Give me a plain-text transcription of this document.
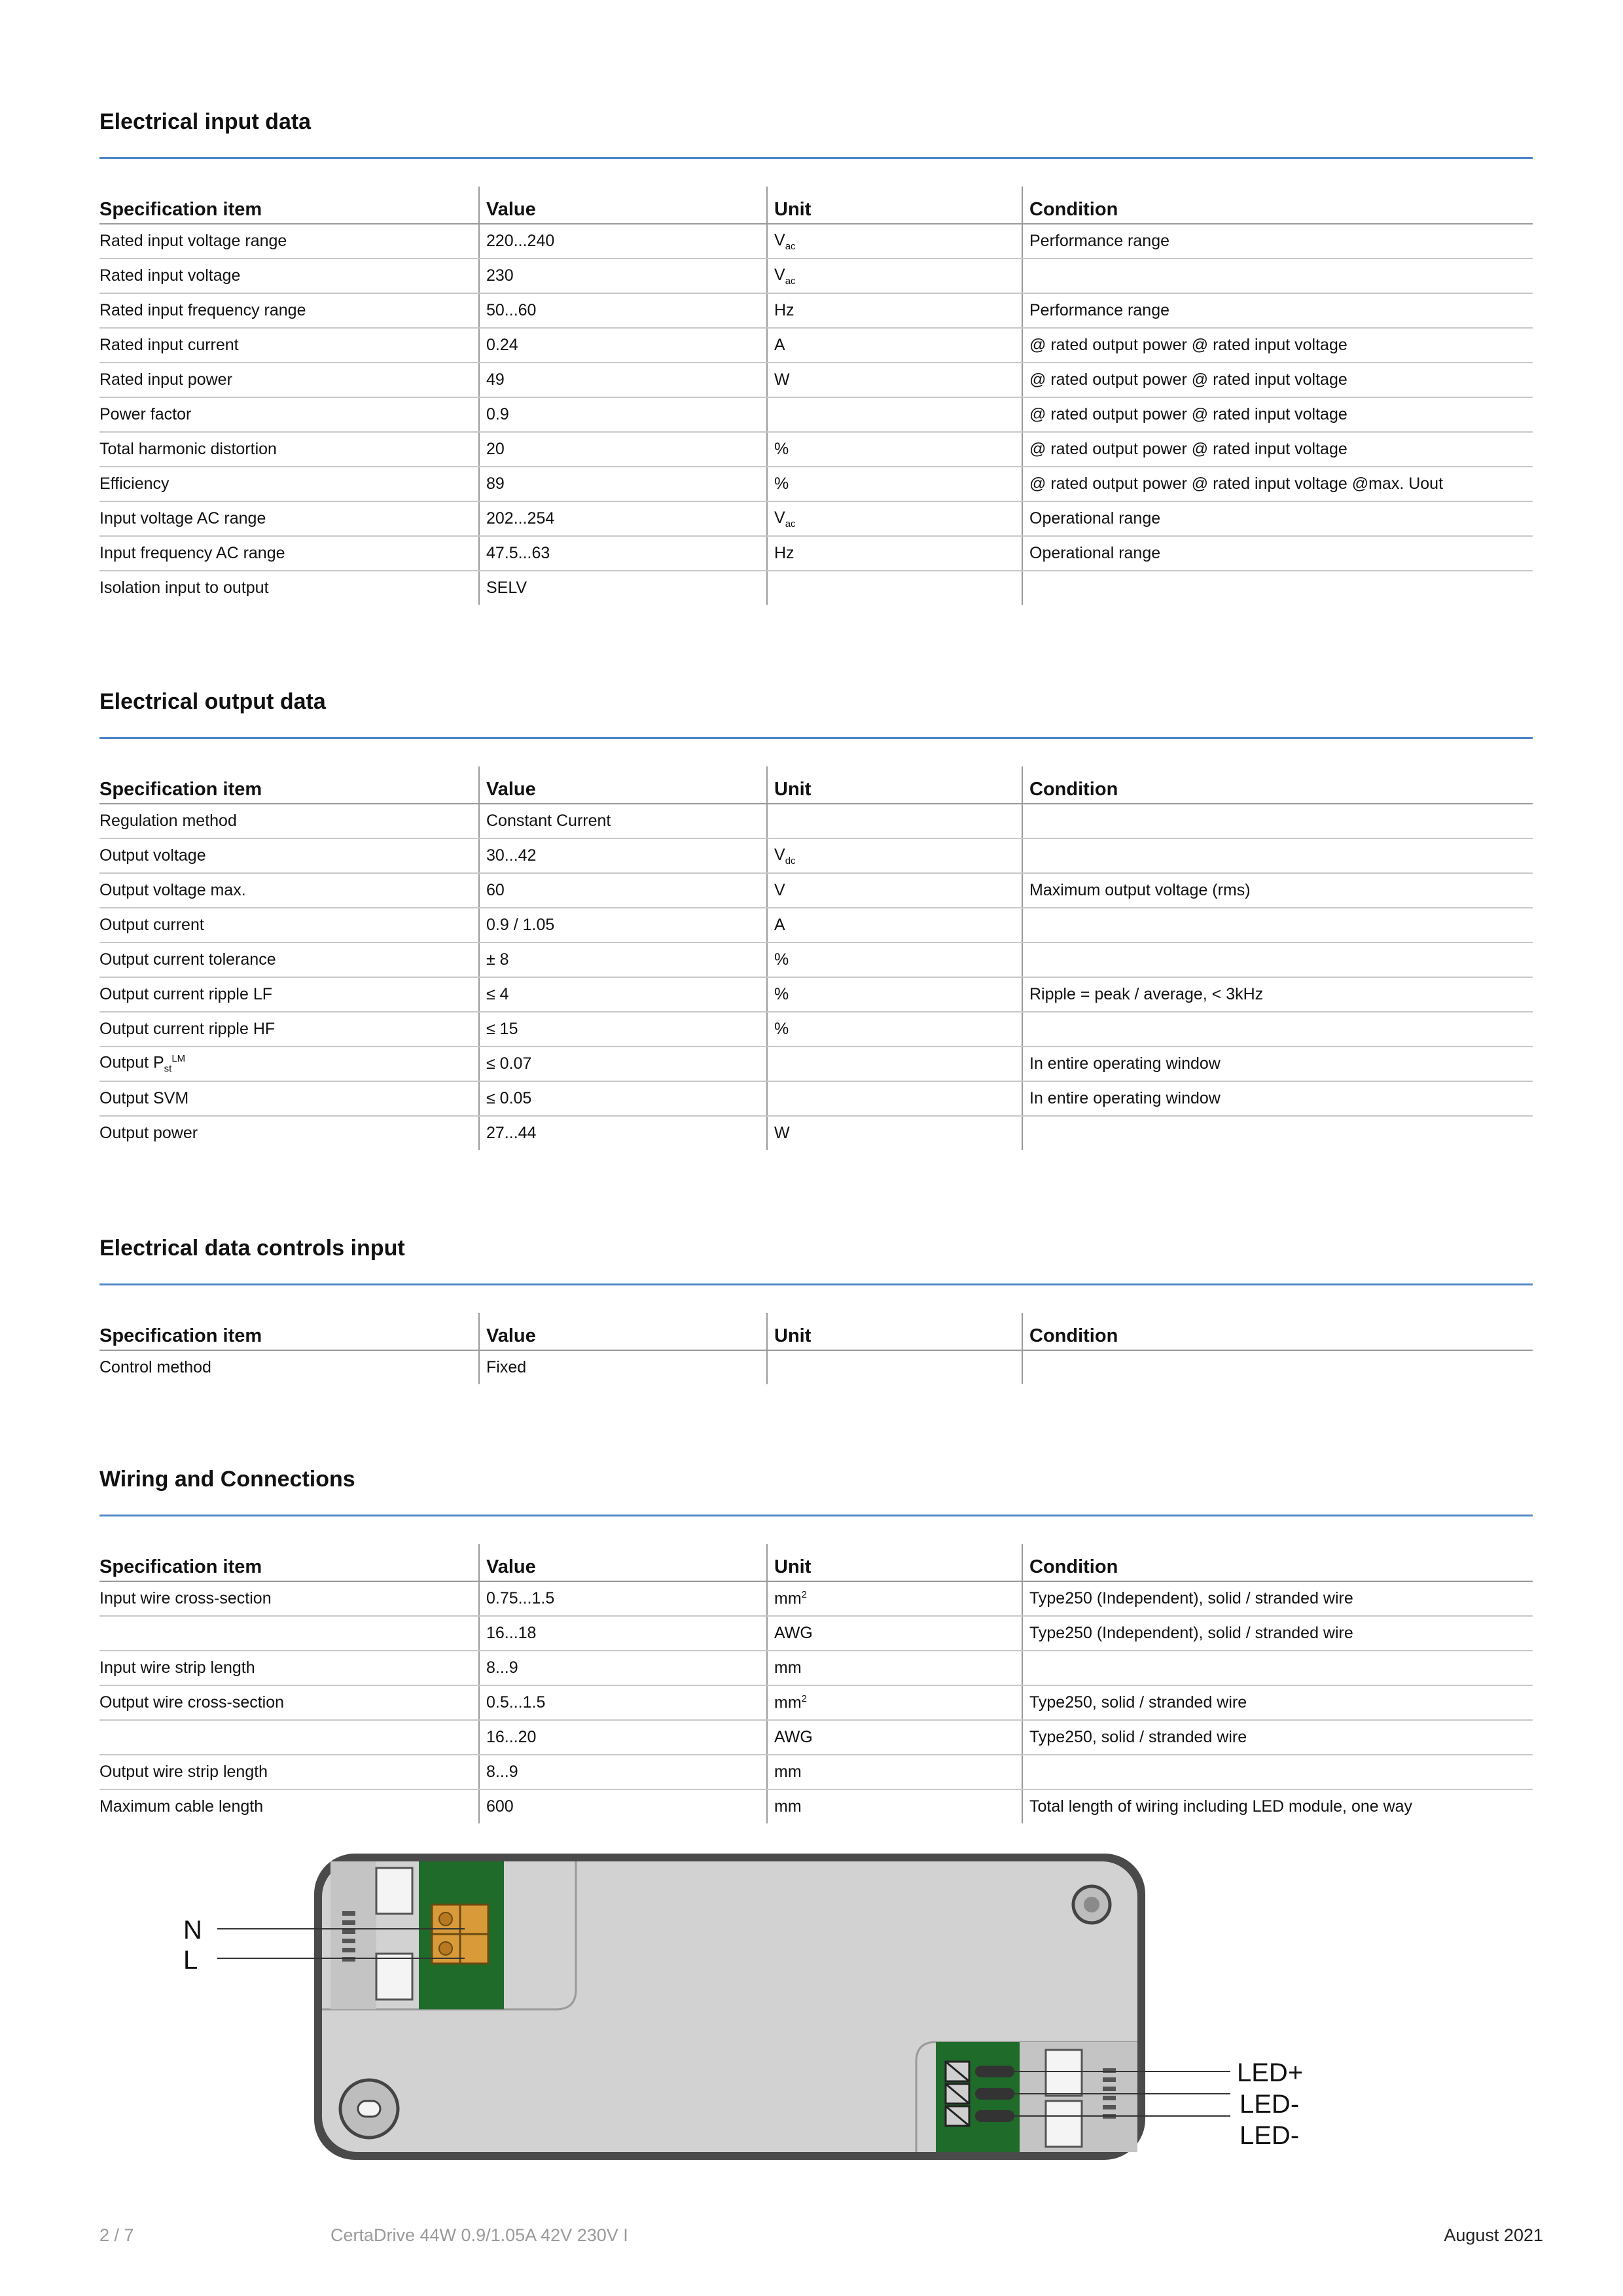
Electrical input data
Specification item	Value	Unit	Condition
Rated input voltage range	220...240	$V_{ac}$	Performance range
Rated input voltage	230	$V_{ac}$	
Rated input frequency range	50...60	Hz	Performance range
Rated input current	0.24	A	@ rated output power @ rated input voltage
Rated input power	49	W	@ rated output power @ rated input voltage
Power factor	0.9		@ rated output power @ rated input voltage
Total harmonic distortion	20	%	@ rated output power @ rated input voltage
Efficiency	89	%	@ rated output power @ rated input voltage @max. Uout
Input voltage AC range	202...254	$V_{ac}$	Operational range
Input frequency AC range	47.5...63	Hz	Operational range
Isolation input to output	SELV		
Electrical output data
Specification item	Value	Unit	Condition
Regulation method	Constant Current		
Output voltage	30...42	$V_{dc}$	
Output voltage max.	60	V	Maximum output voltage (rms)
Output current	0.9 / 1.05	A	
Output current tolerance	± 8	%	
Output current ripple LF	≤ 4	%	Ripple = peak / average, < 3kHz
Output current ripple HF	≤ 15	%	
Output $P_{st}^{LM}$	≤ 0.07		In entire operating window
Output SVM	≤ 0.05		In entire operating window
Output power	27...44	W	
Electrical data controls input
Specification item	Value	Unit	Condition
Control method	Fixed		
Wiring and Connections
Specification item	Value	Unit	Condition
Input wire cross-section	0.75...1.5	$mm^2$	Type250 (Independent), solid / stranded wire
	16...18	AWG	Type250 (Independent), solid / stranded wire
Input wire strip length	8...9	mm	
Output wire cross-section	0.5...1.5	$mm^2$	Type250, solid / stranded wire
	16...20	AWG	Type250, solid / stranded wire
Output wire strip length	8...9	mm	
Maximum cable length	600	mm	Total length of wiring including LED module, one way
N
L
LED+
LED-
LED-
2 / 7	CertaDrive 44W 0.9/1.05A 42V 230V I	August 2021
